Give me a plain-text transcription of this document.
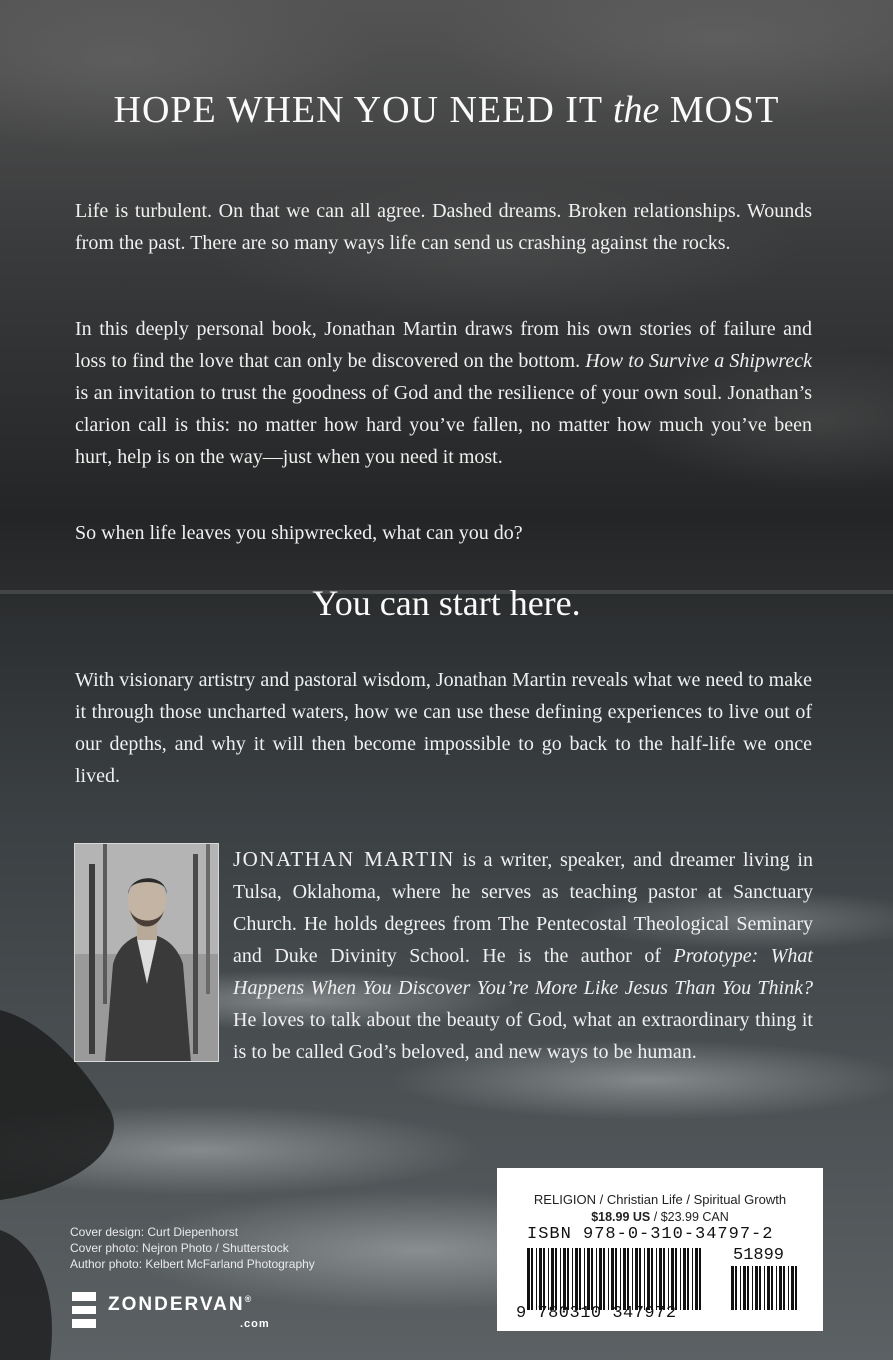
HOPE WHEN YOU NEED IT the MOST

Life is turbulent. On that we can all agree. Dashed dreams. Broken relationships. Wounds from the past. There are so many ways life can send us crashing against the rocks.

In this deeply personal book, Jonathan Martin draws from his own stories of failure and loss to find the love that can only be discovered on the bottom. How to Survive a Shipwreck is an invitation to trust the goodness of God and the resilience of your own soul. Jonathan’s clarion call is this: no matter how hard you’ve fallen, no matter how much you’ve been hurt, help is on the way—just when you need it most.

So when life leaves you shipwrecked, what can you do?

You can start here.

With visionary artistry and pastoral wisdom, Jonathan Martin reveals what we need to make it through those uncharted waters, how we can use these defining experiences to live out of our depths, and why it will then become impossible to go back to the half-life we once lived.

JONATHAN MARTIN is a writer, speaker, and dreamer living in Tulsa, Oklahoma, where he serves as teaching pastor at Sanctuary Church. He holds degrees from The Pentecostal Theological Seminary and Duke Divinity School. He is the author of Prototype: What Happens When You Discover You’re More Like Jesus Than You Think? He loves to talk about the beauty of God, what an extraordinary thing it is to be called God’s beloved, and new ways to be human.

Cover design: Curt Diepenhorst
Cover photo: Nejron Photo / Shutterstock
Author photo: Kelbert McFarland Photography
ZONDERVAN®
.com
RELIGION / Christian Life / Spiritual Growth
$18.99 US / $23.99 CAN
ISBN 978-0-310-34797-2
51899
9 780310 347972
